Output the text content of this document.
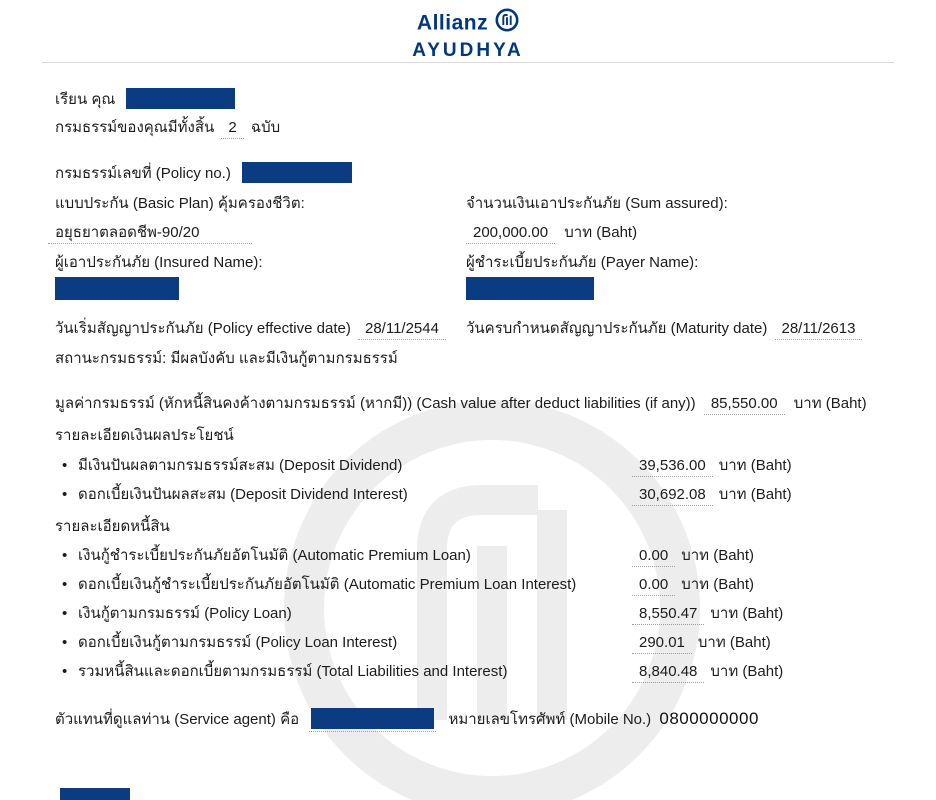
Allianz
AYUDHYA
เรียน คุณ
กรมธรรม์ของคุณมีทั้งสิ้น 2 ฉบับ
กรมธรรม์เลขที่ (Policy no.)
แบบประกัน (Basic Plan) คุ้มครองชีวิต:	จำนวนเงินเอาประกันภัย (Sum assured):
อยุธยาตลอดชีพ-90/20	200,000.00 บาท (Baht)
ผู้เอาประกันภัย (Insured Name):	ผู้ชำระเบี้ยประกันภัย (Payer Name):
วันเริ่มสัญญาประกันภัย (Policy effective date) 28/11/2544	วันครบกำหนดสัญญาประกันภัย (Maturity date) 28/11/2613
สถานะกรมธรรม์: มีผลบังคับ และมีเงินกู้ตามกรมธรรม์
มูลค่ากรมธรรม์ (หักหนี้สินคงค้างตามกรมธรรม์ (หากมี)) (Cash value after deduct liabilities (if any)) 85,550.00 บาท (Baht)
รายละเอียดเงินผลประโยชน์
• มีเงินปันผลตามกรมธรรม์สะสม (Deposit Dividend)	39,536.00 บาท (Baht)
• ดอกเบี้ยเงินปันผลสะสม (Deposit Dividend Interest)	30,692.08 บาท (Baht)
รายละเอียดหนี้สิน
• เงินกู้ชำระเบี้ยประกันภัยอัตโนมัติ (Automatic Premium Loan)	0.00 บาท (Baht)
• ดอกเบี้ยเงินกู้ชำระเบี้ยประกันภัยอัตโนมัติ (Automatic Premium Loan Interest)	0.00 บาท (Baht)
• เงินกู้ตามกรมธรรม์ (Policy Loan)	8,550.47 บาท (Baht)
• ดอกเบี้ยเงินกู้ตามกรมธรรม์ (Policy Loan Interest)	290.01 บาท (Baht)
• รวมหนี้สินและดอกเบี้ยตามกรมธรรม์ (Total Liabilities and Interest)	8,840.48 บาท (Baht)
ตัวแทนที่ดูแลท่าน (Service agent) คือ	หมายเลขโทรศัพท์ (Mobile No.) 0800000000
